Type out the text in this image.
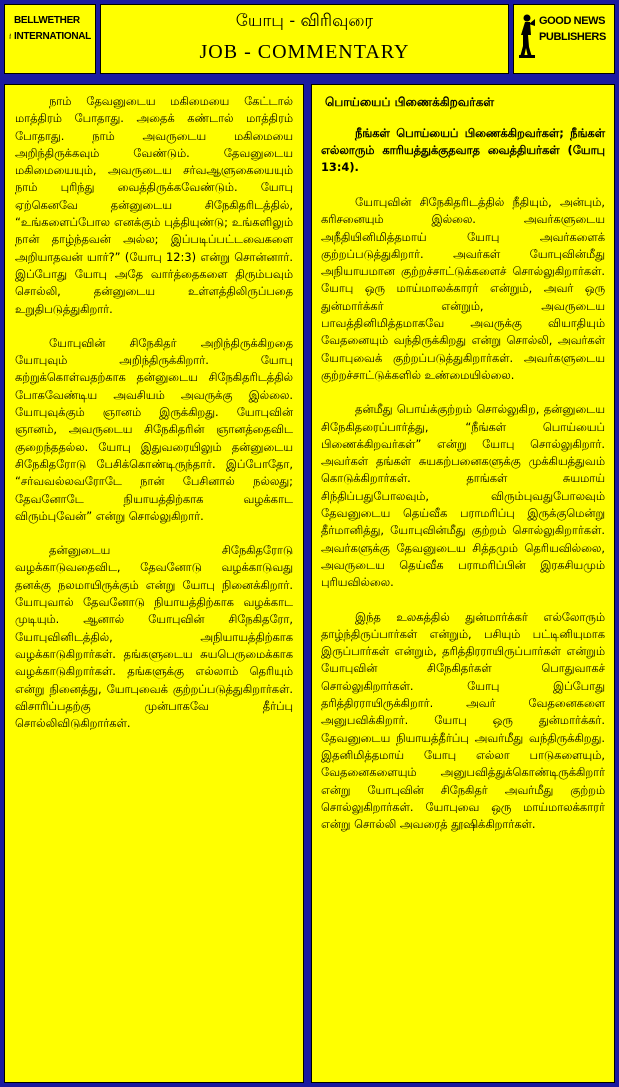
BELLWETHER
INTERNATIONAL
யோபு - விரிவுரை
JOB - COMMENTARY
GOOD NEWS
PUBLISHERS

நாம் தேவனுடைய மகிமையை கேட்டால் மாத்திரம் போதாது. அதைக் கண்டால் மாத்திரம் போதாது. நாம் அவருடைய மகிமையை அறிந்திருக்கவும் வேண்டும். தேவனுடைய மகிமையையும், அவருடைய சர்வஆளுகையையும் நாம் புரிந்து வைத்திருக்கவேண்டும். யோபு ஏற்கெனவே தன்னுடைய சிநேகிதரிடத்தில், “உங்களைப்போல எனக்கும் புத்தியுண்டு; உங்களிலும் நான் தாழ்ந்தவன் அல்ல; இப்படிப்பட்டவைகளை அறியாதவன் யார்?” (யோபு 12:3) என்று சொன்னார். இப்போது யோபு அதே வார்த்தைகளை திரும்பவும் சொல்லி, தன்னுடைய உள்ளத்திலிருப்பதை உறுதிபடுத்துகிறார்.

யோபுவின் சிநேகிதர் அறிந்திருக்கிறதை யோபுவும் அறிந்திருக்கிறார். யோபு கற்றுக்கொள்வதற்காக தன்னுடைய சிநேகிதரிடத்தில் போகவேண்டிய அவசியம் அவருக்கு இல்லை. யோபுவுக்கும் ஞானம் இருக்கிறது. யோபுவின் ஞானம், அவருடைய சிநேகிதரின் ஞானத்தைவிட குறைந்ததல்ல. யோபு இதுவரையிலும் தன்னுடைய சிநேகிதரோடு பேசிக்கொண்டிருந்தார். இப்போதோ, “சர்வவல்லவரோடே நான் பேசினால் நல்லது; தேவனோடே நியாயத்திற்காக வழக்காட விரும்புவேன்” என்று சொல்லுகிறார்.

தன்னுடைய சிநேகிதரோடு வழக்காடுவதைவிட, தேவனோடு வழக்காடுவது தனக்கு நலமாயிருக்கும் என்று யோபு நினைக்கிறார். யோபுவால் தேவனோடு நியாயத்திற்காக வழக்காட முடியும். ஆனால் யோபுவின் சிநேகிதரோ, யோபுவினிடத்தில், அநியாயத்திற்காக வழக்காடுகிறார்கள். தங்களுடைய சுயபெருமைக்காக வழக்காடுகிறார்கள். தங்களுக்கு எல்லாம் தெரியும் என்று நினைத்து, யோபுவைக் குற்றப்படுத்துகிறார்கள். விசாரிப்பதற்கு முன்பாகவே தீர்ப்பு சொல்லிவிடுகிறார்கள்.

பொய்யைப் பிணைக்கிறவர்கள்
நீங்கள் பொய்யைப் பிணைக்கிறவர்கள்; நீங்கள் எல்லாரும் காரியத்துக்குதவாத வைத்தியர்கள் (யோபு 13:4).

யோபுவின் சிநேகிதரிடத்தில் நீதியும், அன்பும், கரிசனையும் இல்லை. அவர்களுடைய அநீதியினிமித்தமாய் யோபு அவர்களைக் குற்றப்படுத்துகிறார். அவர்கள் யோபுவின்மீது அநியாயமான குற்றச்சாட்டுக்களைச் சொல்லுகிறார்கள். யோபு ஒரு மாய்மாலக்காரர் என்றும், அவர் ஒரு துன்மார்க்கர் என்றும், அவருடைய பாவத்தினிமித்தமாகவே அவருக்கு வியாதியும் வேதனையும் வந்திருக்கிறது என்று சொல்லி, அவர்கள் யோபுவைக் குற்றப்படுத்துகிறார்கள். அவர்களுடைய குற்றச்சாட்டுக்களில் உண்மையில்லை.

தன்மீது பொய்க்குற்றம் சொல்லுகிற, தன்னுடைய சிநேகிதரைப்பார்த்து, “நீங்கள் பொய்யைப் பிணைக்கிறவர்கள்” என்று யோபு சொல்லுகிறார். அவர்கள் தங்கள் சுயகற்பனைகளுக்கு முக்கியத்துவம் கொடுக்கிறார்கள். தாங்கள் சுயமாய் சிந்திப்பதுபோலவும், விரும்புவதுபோலவும் தேவனுடைய தெய்வீக பராமரிப்பு இருக்குமென்று தீர்மானித்து, யோபுவின்மீது குற்றம் சொல்லுகிறார்கள். அவர்களுக்கு தேவனுடைய சித்தமும் தெரியவில்லை, அவருடைய தெய்வீக பராமரிப்பின் இரகசியமும் புரியவில்லை.

இந்த உலகத்தில் துன்மார்க்கர் எல்லோரும் தாழ்ந்திருப்பார்கள் என்றும், பசியும் பட்டினியுமாக இருப்பார்கள் என்றும், தரித்திரராயிருப்பார்கள் என்றும் யோபுவின் சிநேகிதர்கள் பொதுவாகச் சொல்லுகிறார்கள். யோபு இப்போது தரித்திரராயிருக்கிறார். அவர் வேதனைகளை அனுபவிக்கிறார். யோபு ஒரு துன்மார்க்கர். தேவனுடைய நியாயத்தீர்ப்பு அவர்மீது வந்திருக்கிறது. இதனிமித்தமாய் யோபு எல்லா பாடுகளையும், வேதனைகளையும் அனுபவித்துக்கொண்டிருக்கிறார் என்று யோபுவின் சிநேகிதர் அவர்மீது குற்றம் சொல்லுகிறார்கள். யோபுவை ஒரு மாய்மாலக்காரர் என்று சொல்லி அவரைத் தூஷிக்கிறார்கள்.
